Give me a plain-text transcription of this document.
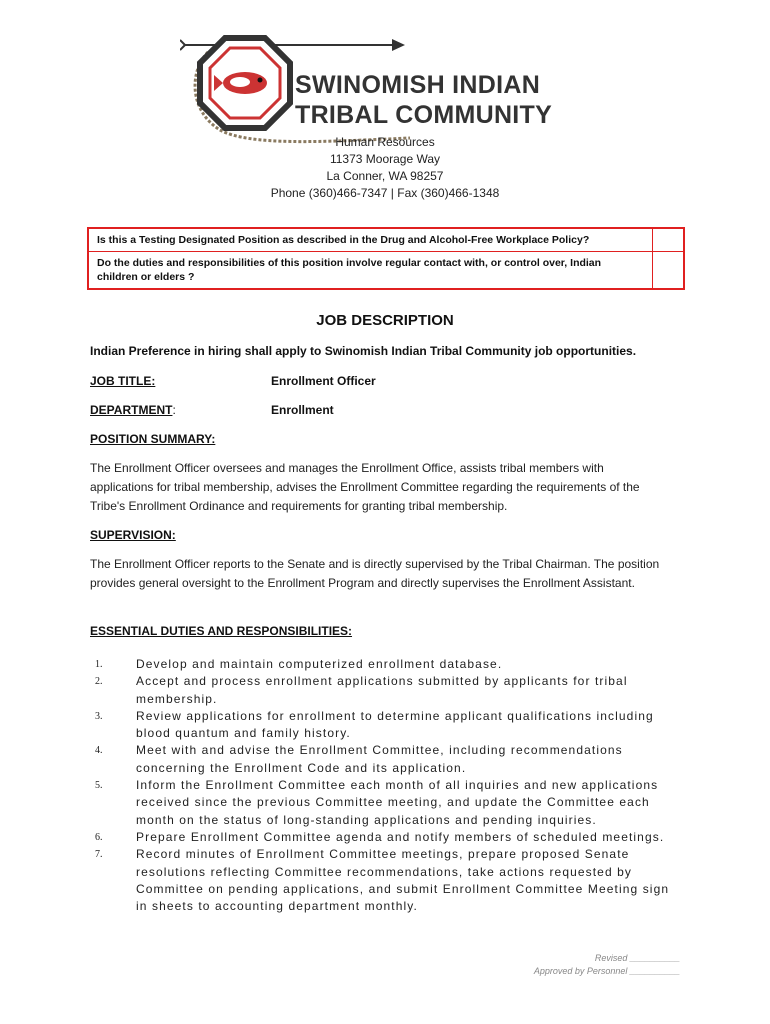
SWINOMISH INDIAN
TRIBAL COMMUNITY
Human Resources
11373 Moorage Way
La Conner, WA 98257
Phone (360)466-7347 | Fax (360)466-1348
Is this a Testing Designated Position as described in the Drug and Alcohol-Free Workplace Policy?	
Do the duties and responsibilities of this position involve regular contact with, or control over, Indian children or elders ?	
JOB DESCRIPTION
Indian Preference in hiring shall apply to Swinomish Indian Tribal Community job opportunities.
JOB TITLE:	Enrollment Officer
DEPARTMENT:	Enrollment
POSITION SUMMARY:
The Enrollment Officer oversees and manages the Enrollment Office, assists tribal members with applications for tribal membership, advises the Enrollment Committee regarding the requirements of the Tribe's Enrollment Ordinance and requirements for granting tribal membership.
SUPERVISION:
The Enrollment Officer reports to the Senate and is directly supervised by the Tribal Chairman. The position provides general oversight to the Enrollment Program and directly supervises the Enrollment Assistant.
ESSENTIAL DUTIES AND RESPONSIBILITIES:
1.	Develop and maintain computerized enrollment database.
2.	Accept and process enrollment applications submitted by applicants for tribal membership.
3.	Review applications for enrollment to determine applicant qualifications including blood quantum and family history.
4.	Meet with and advise the Enrollment Committee, including recommendations concerning the Enrollment Code and its application.
5.	Inform the Enrollment Committee each month of all inquiries and new applications received since the previous Committee meeting, and update the Committee each month on the status of long-standing applications and pending inquiries.
6.	Prepare Enrollment Committee agenda and notify members of scheduled meetings.
7.	Record minutes of Enrollment Committee meetings, prepare proposed Senate resolutions reflecting Committee recommendations, take actions requested by Committee on pending applications, and submit Enrollment Committee Meeting sign in sheets to accounting department monthly.
Revised __________
Approved by Personnel __________
